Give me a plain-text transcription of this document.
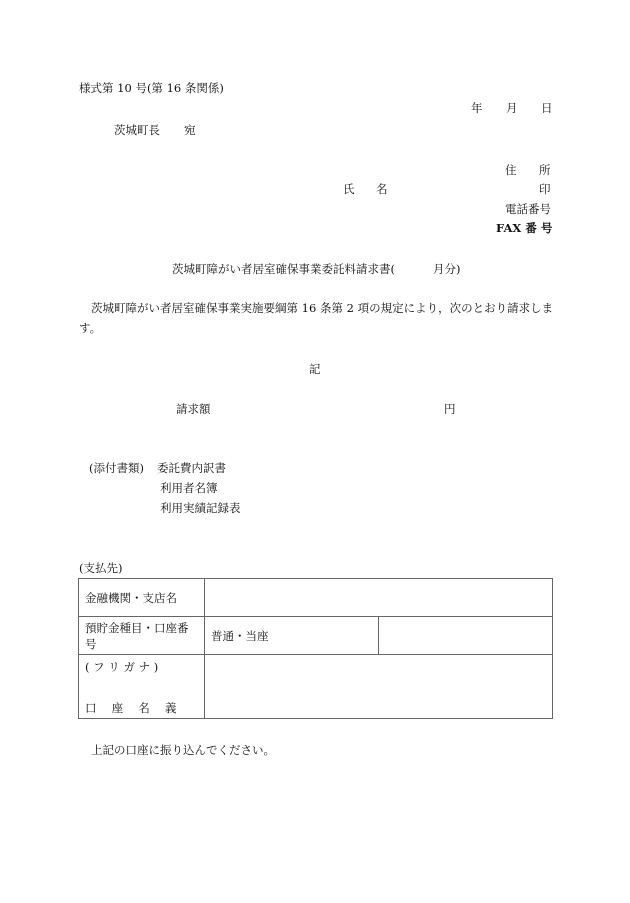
様式第 10 号(第 16 条関係)
年 月 日
茨城町長 宛
住 所
氏 名	印
電話番号
FAX 番 号
茨城町障がい者居室確保事業委託料請求書(	月分)
茨城町障がい者居室確保事業実施要綱第 16 条第 2 項の規定により，次のとおり請求しま
す。
記
請求額	円
(添付書類) 委託費内訳書
利用者名簿
利用実績記録表
(支払先)
金融機関・支店名		
預貯金種目・口座番号	普通・当座	

( フ リ ガ ナ )
口　 座　 名　 義		

上記の口座に振り込んでください。
